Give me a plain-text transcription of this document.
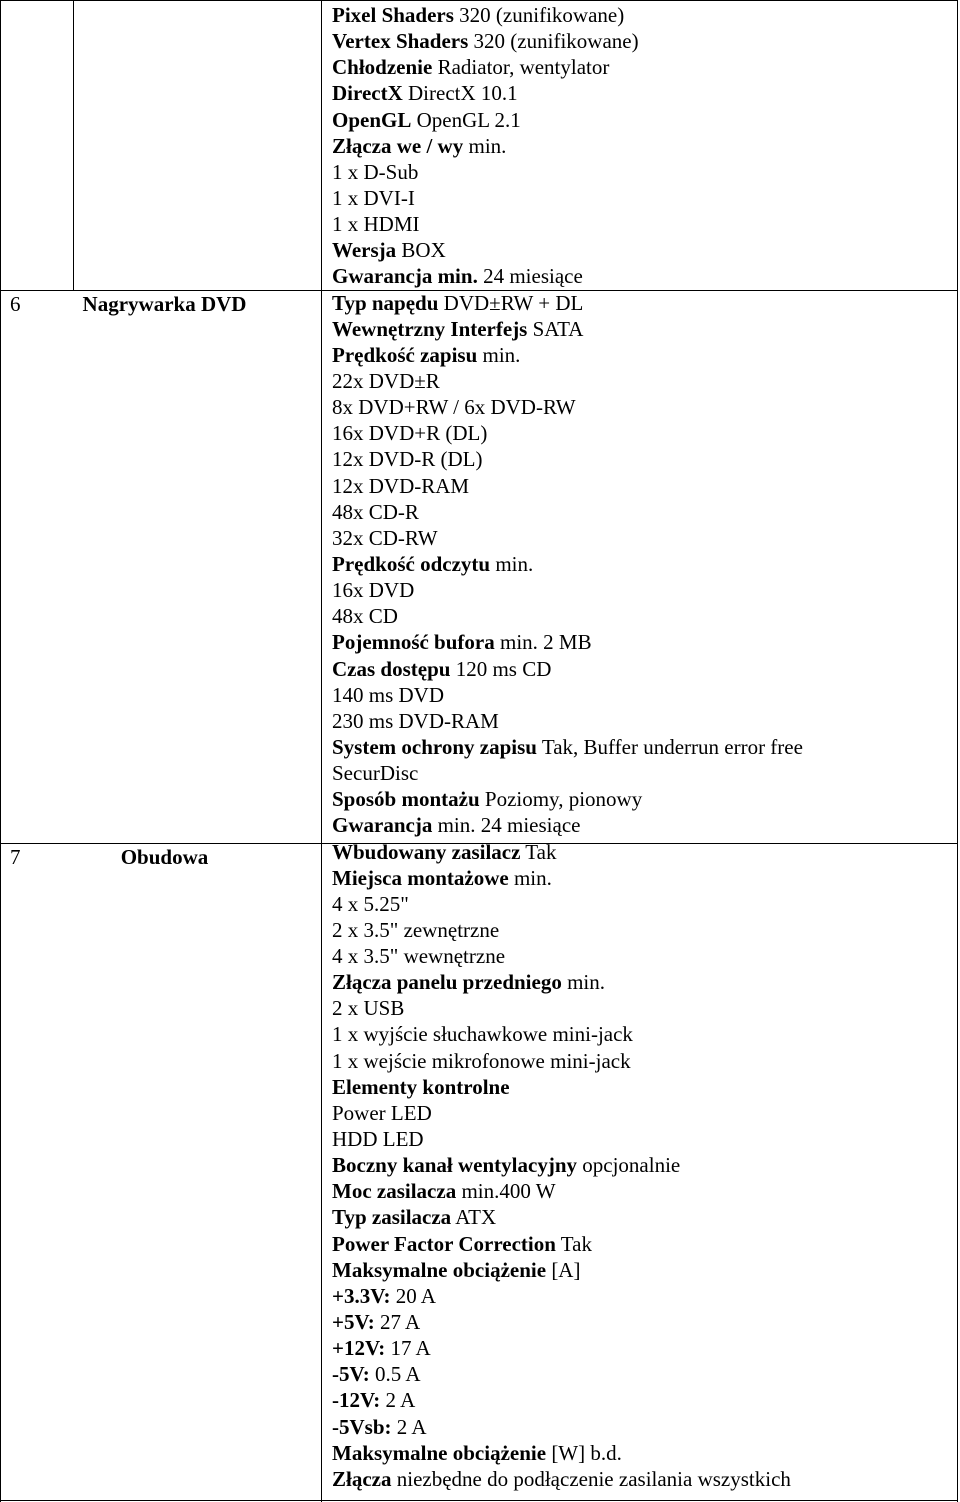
6	Nagrywarka DVD
7	Obudowa
Pixel Shaders 320 (zunifikowane)
Vertex Shaders 320 (zunifikowane)
Chłodzenie Radiator, wentylator
DirectX DirectX 10.1
OpenGL OpenGL 2.1
Złącza we / wy min.
1 x D-Sub
1 x DVI-I
1 x HDMI
Wersja BOX
Gwarancja min. 24 miesiące
Typ napędu DVD±RW + DL
Wewnętrzny Interfejs SATA
Prędkość zapisu min.
22x DVD±R
8x DVD+RW / 6x DVD-RW
16x DVD+R (DL)
12x DVD-R (DL)
12x DVD-RAM
48x CD-R
32x CD-RW
Prędkość odczytu min.
16x DVD
48x CD
Pojemność bufora min. 2 MB
Czas dostępu 120 ms CD
140 ms DVD
230 ms DVD-RAM
System ochrony zapisu Tak, Buffer underrun error free
SecurDisc
Sposób montażu Poziomy, pionowy
Gwarancja min. 24 miesiące
Wbudowany zasilacz Tak
Miejsca montażowe min.
4 x 5.25"
2 x 3.5" zewnętrzne
4 x 3.5" wewnętrzne
Złącza panelu przedniego min.
2 x USB
1 x wyjście słuchawkowe mini-jack
1 x wejście mikrofonowe mini-jack
Elementy kontrolne
Power LED
HDD LED
Boczny kanał wentylacyjny opcjonalnie
Moc zasilacza min.400 W
Typ zasilacza ATX
Power Factor Correction Tak
Maksymalne obciążenie [A]
+3.3V: 20 A
+5V: 27 A
+12V: 17 A
-5V: 0.5 A
-12V: 2 A
-5Vsb: 2 A
Maksymalne obciążenie [W] b.d.
Złącza niezbędne do podłączenie zasilania wszystkich
